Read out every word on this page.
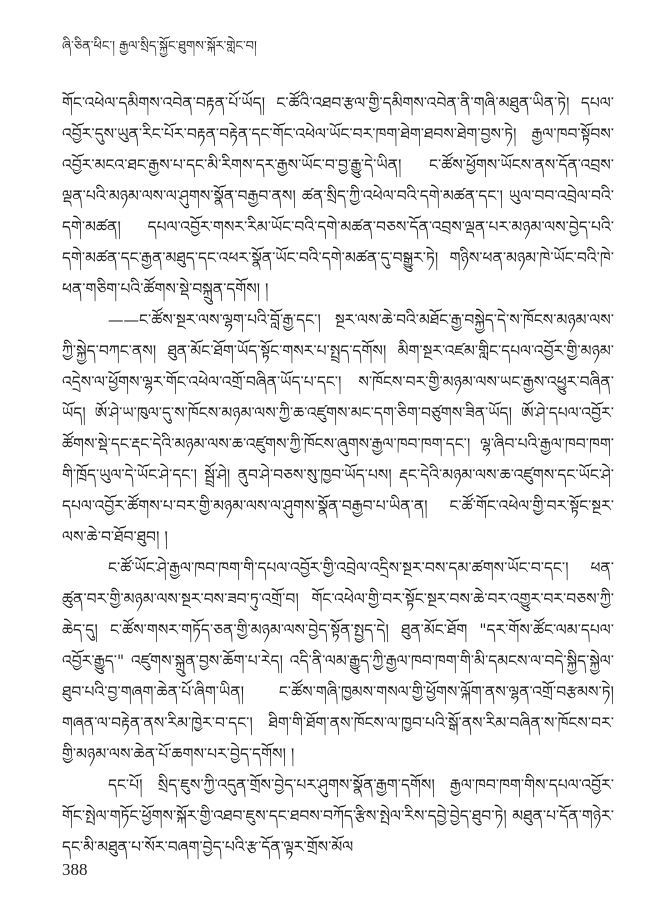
ཞི་ཅིན་ཕིང་། རྒྱལ་སྲིད་སྐྱོང་ཐུགས་སྐོར་གླེང་བ།

གོང་འཕེལ་དམིགས་འབེན་བརྟན་པོ་ཡོད། ང་ཚོའི་འཐབ་རྩལ་གྱི་དམིགས་འབེན་ནི་གཞི་མཐུན་ཡིན་ཏེ། དཔལ་འབྱོར་དུས་ཡུན་རིང་པོར་བརྟན་བརྟེན་དང་གོང་འཕེལ་ཡོང་བར་ཁག་ཐེག་ཐབས་ཐེག་བྱས་ཏེ། རྒྱལ་ཁབ་སྟོབས་འབྱོར་མངའ་ཐང་རྒྱས་པ་དང་མི་རིགས་དར་རྒྱས་ཡོང་བ་བྱ་རྒྱུ་དེ་ཡིན། ང་ཚོས་ཕྱོགས་ཡོངས་ནས་དོན་འབྲས་ལྡན་པའི་མཉམ་ལས་ལ་ཤུགས་སྣོན་བརྒྱབ་ནས། ཚན་སྲིད་ཀྱི་འཕེལ་བའི་དགེ་མཚན་དང་། ཡུལ་བབ་འབྲེལ་བའི་དགེ་མཚན། དཔལ་འབྱོར་གསར་རིམ་ཡོང་བའི་དགེ་མཚན་བཅས་དོན་འབྲས་ལྡན་པར་མཉམ་ལས་བྱེད་པའི་དགེ་མཚན་དང་རྒྱན་མཐུད་དང་འཕར་སྣོན་ཡོང་བའི་དགེ་མཚན་དུ་བསྒྱུར་ཏེ། གཉིས་ཕན་མཉམ་ཁེ་ཡོང་བའི་ཁེ་ཕན་གཅིག་པའི་ཚོགས་སྡེ་བསྐྲུན་དགོས། །

——ང་ཚོས་སྔར་ལས་ལྷག་པའི་བློ་རྒྱ་དང་། སྔར་ལས་ཆེ་བའི་མཐོང་རྒྱ་བསྐྱེད་དེ་ས་ཁོངས་མཉམ་ལས་ཀྱི་སྐྱེད་བཀང་ནས། ཐུན་མོང་ཐོག་ཡོད་སྟོང་གསར་པ་སྤྲད་དགོས། མིག་སྔར་འཛམ་གླིང་དཔལ་འབྱོར་གྱི་མཉམ་འདྲེས་ལ་ཕྱོགས་ལྷར་གོང་འཕེལ་འགྲོ་བཞིན་ཡོད་པ་དང་། ས་ཁོངས་བར་གྱི་མཉམ་ལས་ཡང་རྒྱས་འཕྱུར་བཞིན་ཡོད། ཨོ་ཤེ་ཡ་ཁུལ་དུ་ས་ཁོངས་མཉམ་ལས་ཀྱི་ཆ་འཛུགས་མང་དག་ཅིག་བཙུགས་ཟིན་ཡོད། ཨོ་ཤེ་དཔལ་འབྱོར་ཚོགས་སྡེ་དང་རྡང་དེའི་མཉམ་ལས་ཆ་འཛུགས་ཀྱི་ཁོངས་ཞུགས་རྒྱལ་ཁབ་ཁག་དང་། ལྷ་ཞིབ་པའི་རྒྱལ་ཁབ་ཁག་གི་ཁྲོད་ཡུལ་དེ་ཡོང་ཤེ་དང་། སྦྲོ་ཤེ། ནུབ་ཤེ་བཅས་སུ་ཁྱབ་ཡོད་པས། རྡང་དེའི་མཉམ་ལས་ཆ་འཛུགས་དང་ཡོང་ཤེ་དཔལ་འབྱོར་ཚོགས་པ་བར་གྱི་མཉམ་ལས་ལ་ཤུགས་སྣོན་བརྒྱབ་པ་ཡིན་ན། ང་ཚོ་གོང་འཕེལ་གྱི་བར་སྟོང་སྔར་ལས་ཆེ་བ་ཐོབ་ཐུབ། །

ང་ཚོ་ཡོང་ཤེ་རྒྱལ་ཁབ་ཁག་གི་དཔལ་འབྱོར་གྱི་འབྲེལ་འདྲིས་སྔར་བས་དམ་ཚགས་ཡོང་བ་དང་། ཕན་ཚུན་བར་གྱི་མཉམ་ལས་སྔར་བས་ཟབ་ཏུ་འགྲོ་བ། གོང་འཕེལ་གྱི་བར་སྟོང་སྔར་བས་ཆེ་བར་འགྱུར་བར་བཅས་ཀྱི་ཆེད་དུ། ང་ཚོས་གསར་གཏོད་ཅན་གྱི་མཉམ་ལས་བྱེད་སྟོན་སྤྱད་དེ། ཐུན་མོང་ཐོག "དར་གོས་ཚོང་ལམ་དཔལ་འབྱོར་རྒྱུད་" འཛུགས་སྐྲུན་བྱས་ཆོག་པ་རེད། འདི་ནི་ལམ་རྒྱུད་ཀྱི་རྒྱལ་ཁབ་ཁག་གི་མི་དམངས་ལ་བདེ་སྐྱིད་སྐྱེལ་ཐུབ་པའི་བྱ་གཞག་ཆེན་པོ་ཞིག་ཡིན། ང་ཚོས་གཞི་ཁྱམས་གསལ་གྱི་ཕྱོགས་ལྐོག་ནས་ལྷན་འགྲོ་བརྩམས་ཏེ། གཞན་ལ་བརྟེན་ནས་རིམ་ཁྱེར་བ་དང་། ཐིག་གི་ཐོག་ནས་ཁོངས་ལ་ཁྱབ་པའི་སྒོ་ནས་རིམ་བཞིན་ས་ཁོངས་བར་གྱི་མཉམ་ལས་ཆེན་པོ་ཆགས་པར་བྱེད་དགོས། །

དང་པོ། སྲིད་ཇུས་ཀྱི་འདུན་གྲོས་བྱེད་པར་ཤུགས་སྣོན་རྒྱག་དགོས། རྒྱལ་ཁབ་ཁག་གིས་དཔལ་འབྱོར་གོང་སྤེལ་གཏོང་ཕྱོགས་སྐོར་གྱི་འཐབ་ཇུས་དང་ཐབས་བཀོད་རྩིས་སྤེལ་རིས་དབྱེ་བྱེད་ཐུབ་ཏེ། མཐུན་པ་དོན་གཉེར་དང་མི་མཐུན་པ་སོར་བཞག་བྱེད་པའི་རྩ་དོན་ལྟར་གྲོས་མོལ

388
